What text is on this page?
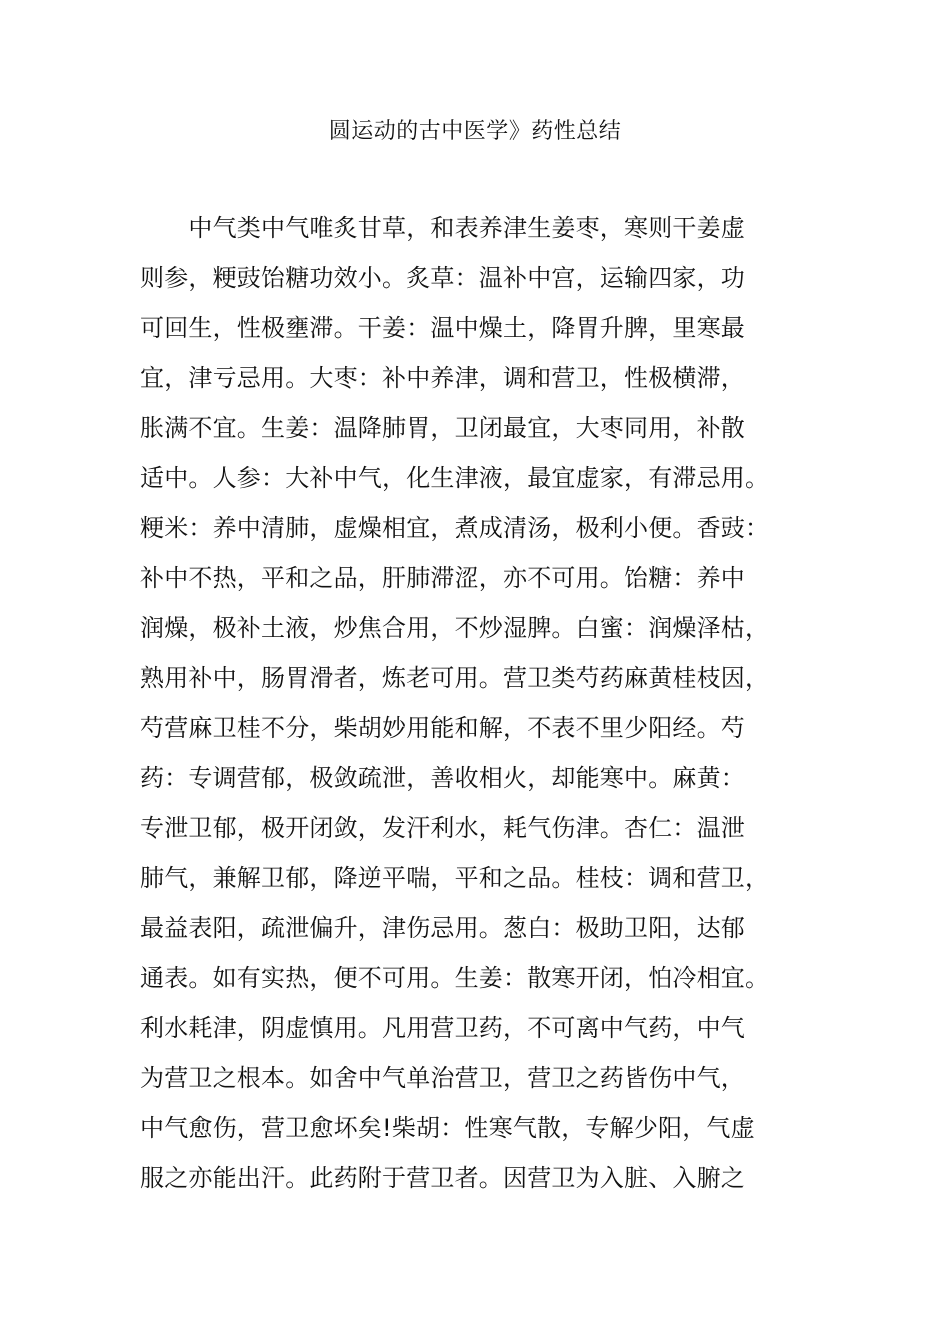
圆运动的古中医学》药性总结
　　中气类中气唯炙甘草，和表养津生姜枣，寒则干姜虚
则参，粳豉饴糖功效小。炙草：温补中宫，运输四家，功
可回生，性极壅滞。干姜：温中燥土，降胃升脾，里寒最
宜，津亏忌用。大枣：补中养津，调和营卫，性极横滞，
胀满不宜。生姜：温降肺胃，卫闭最宜，大枣同用，补散
适中。人参：大补中气，化生津液，最宜虚家，有滞忌用。
粳米：养中清肺，虚燥相宜，煮成清汤，极利小便。香豉：
补中不热，平和之品，肝肺滞涩，亦不可用。饴糖：养中
润燥，极补土液，炒焦合用，不炒湿脾。白蜜：润燥泽枯，
熟用补中，肠胃滑者，炼老可用。营卫类芍药麻黄桂枝因，
芍营麻卫桂不分，柴胡妙用能和解，不表不里少阳经。芍
药：专调营郁，极敛疏泄，善收相火，却能寒中。麻黄：
专泄卫郁，极开闭敛，发汗利水，耗气伤津。杏仁：温泄
肺气，兼解卫郁，降逆平喘，平和之品。桂枝：调和营卫，
最益表阳，疏泄偏升，津伤忌用。葱白：极助卫阳，达郁
通表。如有实热，便不可用。生姜：散寒开闭，怕冷相宜。
利水耗津，阴虚慎用。凡用营卫药，不可离中气药，中气
为营卫之根本。如舍中气单治营卫，营卫之药皆伤中气，
中气愈伤，营卫愈坏矣!柴胡：性寒气散，专解少阳，气虚
服之亦能出汗。此药附于营卫者。因营卫为入脏、入腑之
